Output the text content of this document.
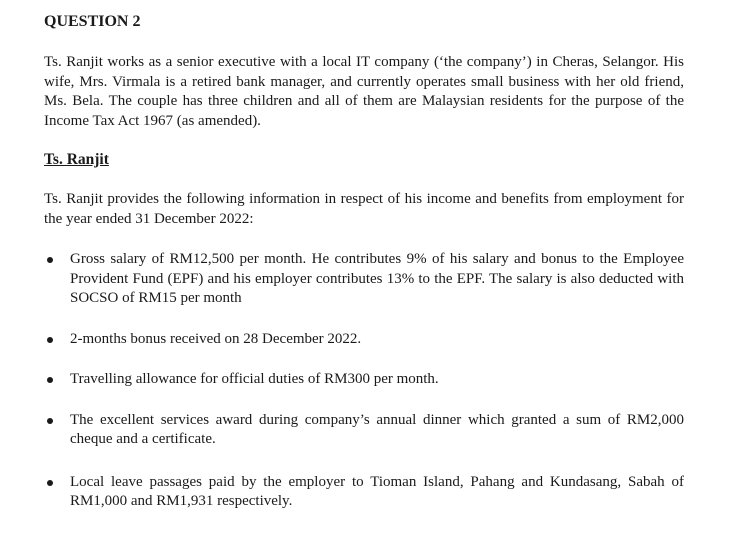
QUESTION 2

Ts. Ranjit works as a senior executive with a local IT company (‘the company’) in Cheras, Selangor. His wife, Mrs. Virmala is a retired bank manager, and currently operates small business with her old friend, Ms. Bela. The couple has three children and all of them are Malaysian residents for the purpose of the Income Tax Act 1967 (as amended).

Ts. Ranjit

Ts. Ranjit provides the following information in respect of his income and benefits from employment for the year ended 31 December 2022:

Gross salary of RM12,500 per month. He contributes 9% of his salary and bonus to the Employee Provident Fund (EPF) and his employer contributes 13% to the EPF. The salary is also deducted with SOCSO of RM15 per month
2-months bonus received on 28 December 2022.
Travelling allowance for official duties of RM300 per month.
The excellent services award during company’s annual dinner which granted a sum of RM2,000 cheque and a certificate.
Local leave passages paid by the employer to Tioman Island, Pahang and Kundasang, Sabah of RM1,000 and RM1,931 respectively.
